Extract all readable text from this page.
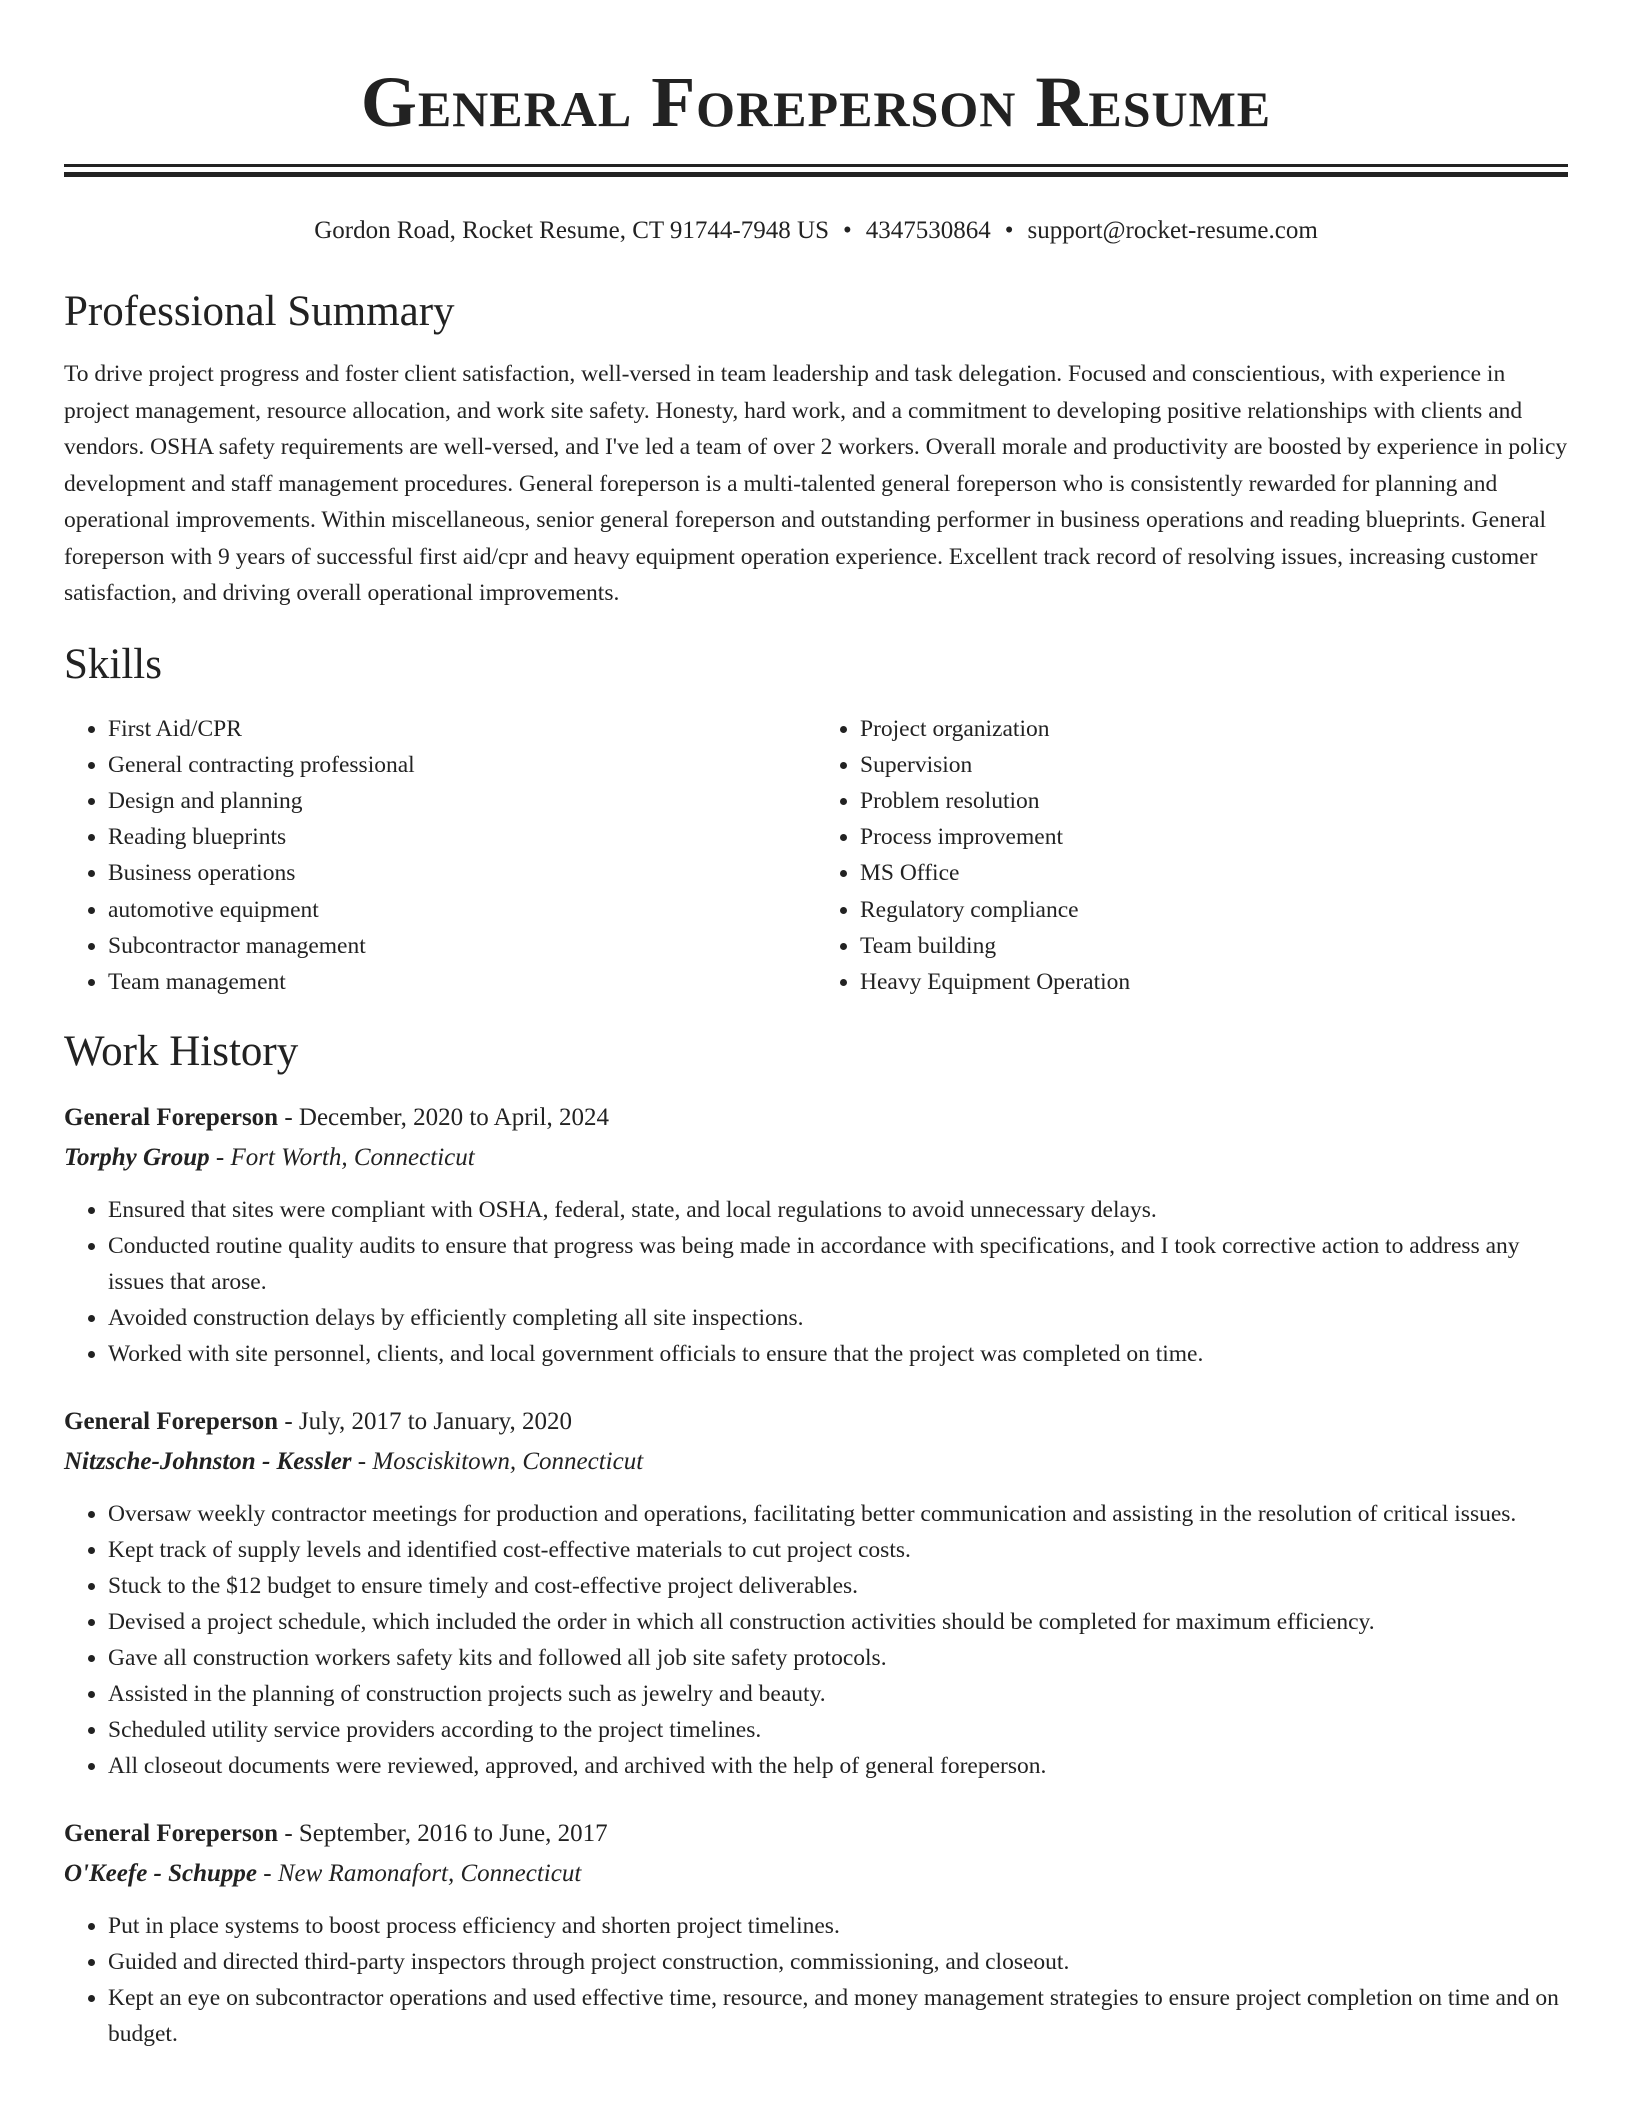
General Foreperson Resume
Gordon Road, Rocket Resume, CT 91744-7948 US • 4347530864 • support@rocket-resume.com
Professional Summary

To drive project progress and foster client satisfaction, well-versed in team leadership and task delegation. Focused and conscientious, with experience in project management, resource allocation, and work site safety. Honesty, hard work, and a commitment to developing positive relationships with clients and vendors. OSHA safety requirements are well-versed, and I've led a team of over 2 workers. Overall morale and productivity are boosted by experience in policy development and staff management procedures. General foreperson is a multi-talented general foreperson who is consistently rewarded for planning and operational improvements. Within miscellaneous, senior general foreperson and outstanding performer in business operations and reading blueprints. General foreperson with 9 years of successful first aid/cpr and heavy equipment operation experience. Excellent track record of resolving issues, increasing customer satisfaction, and driving overall operational improvements.

Skills
• First Aid/CPR
• General contracting professional
• Design and planning
• Reading blueprints
• Business operations
• automotive equipment
• Subcontractor management
• Team management
• Project organization
• Supervision
• Problem resolution
• Process improvement
• MS Office
• Regulatory compliance
• Team building
• Heavy Equipment Operation
Work History

General Foreperson - December, 2020 to April, 2024

Torphy Group - Fort Worth, Connecticut

• Ensured that sites were compliant with OSHA, federal, state, and local regulations to avoid unnecessary delays.
• Conducted routine quality audits to ensure that progress was being made in accordance with specifications, and I took corrective action to address any issues that arose.
• Avoided construction delays by efficiently completing all site inspections.
• Worked with site personnel, clients, and local government officials to ensure that the project was completed on time.

General Foreperson - July, 2017 to January, 2020

Nitzsche-Johnston - Kessler - Mosciskitown, Connecticut

• Oversaw weekly contractor meetings for production and operations, facilitating better communication and assisting in the resolution of critical issues.
• Kept track of supply levels and identified cost-effective materials to cut project costs.
• Stuck to the $12 budget to ensure timely and cost-effective project deliverables.
• Devised a project schedule, which included the order in which all construction activities should be completed for maximum efficiency.
• Gave all construction workers safety kits and followed all job site safety protocols.
• Assisted in the planning of construction projects such as jewelry and beauty.
• Scheduled utility service providers according to the project timelines.
• All closeout documents were reviewed, approved, and archived with the help of general foreperson.

General Foreperson - September, 2016 to June, 2017

O'Keefe - Schuppe - New Ramonafort, Connecticut

• Put in place systems to boost process efficiency and shorten project timelines.
• Guided and directed third-party inspectors through project construction, commissioning, and closeout.
• Kept an eye on subcontractor operations and used effective time, resource, and money management strategies to ensure project completion on time and on budget.
